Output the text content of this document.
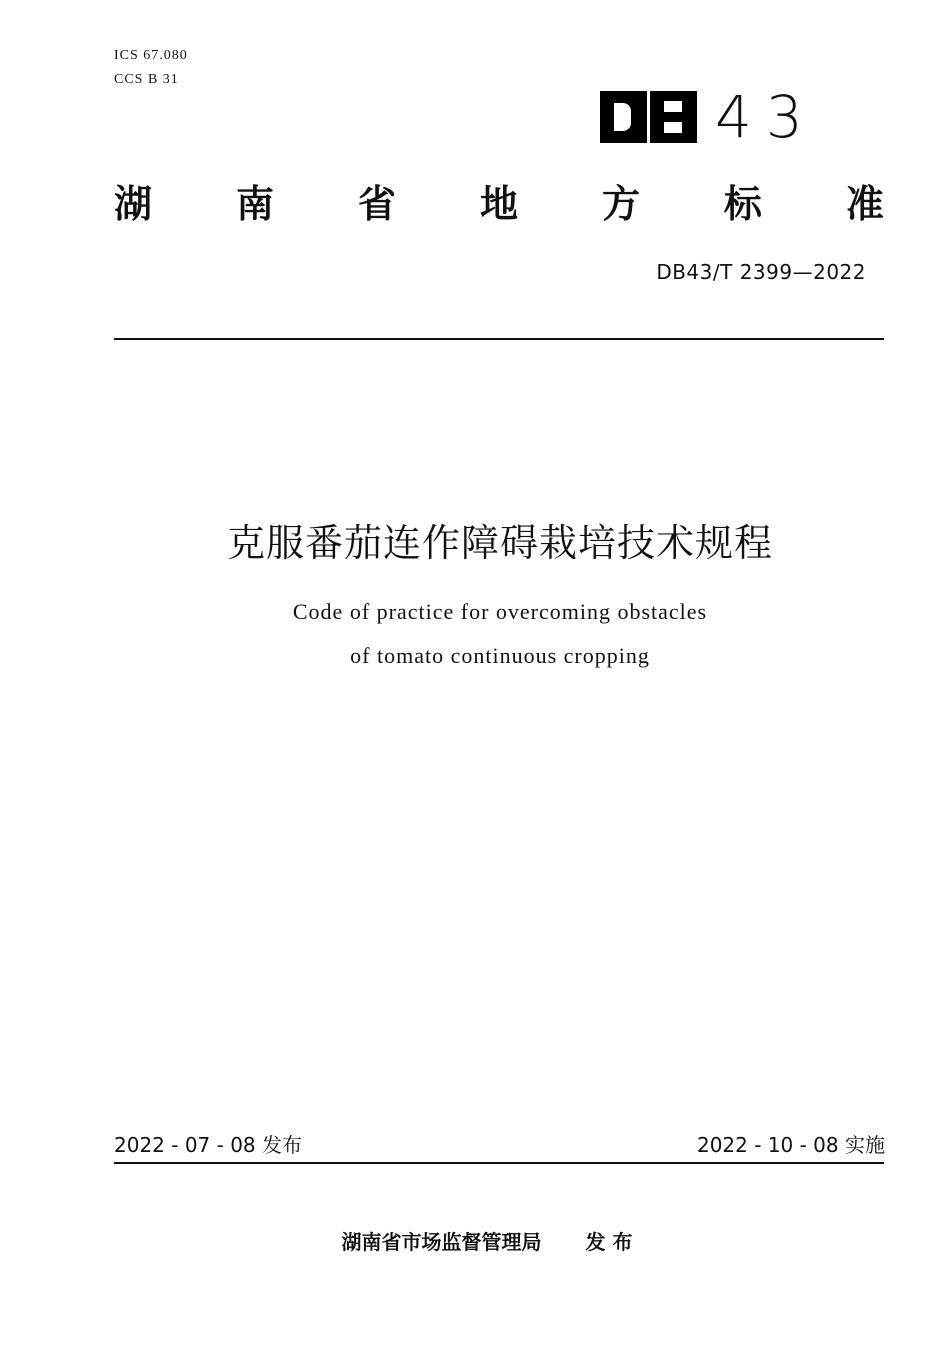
ICS 67.080
CCS B 31
43
湖 南 省 地 方 标 准
DB43/T 2399—2022
克服番茄连作障碍栽培技术规程
Code of practice for overcoming obstacles
of tomato continuous cropping
2022 - 07 - 08 发布	2022 - 10 - 08 实施
湖南省市场监督管理局 发 布
